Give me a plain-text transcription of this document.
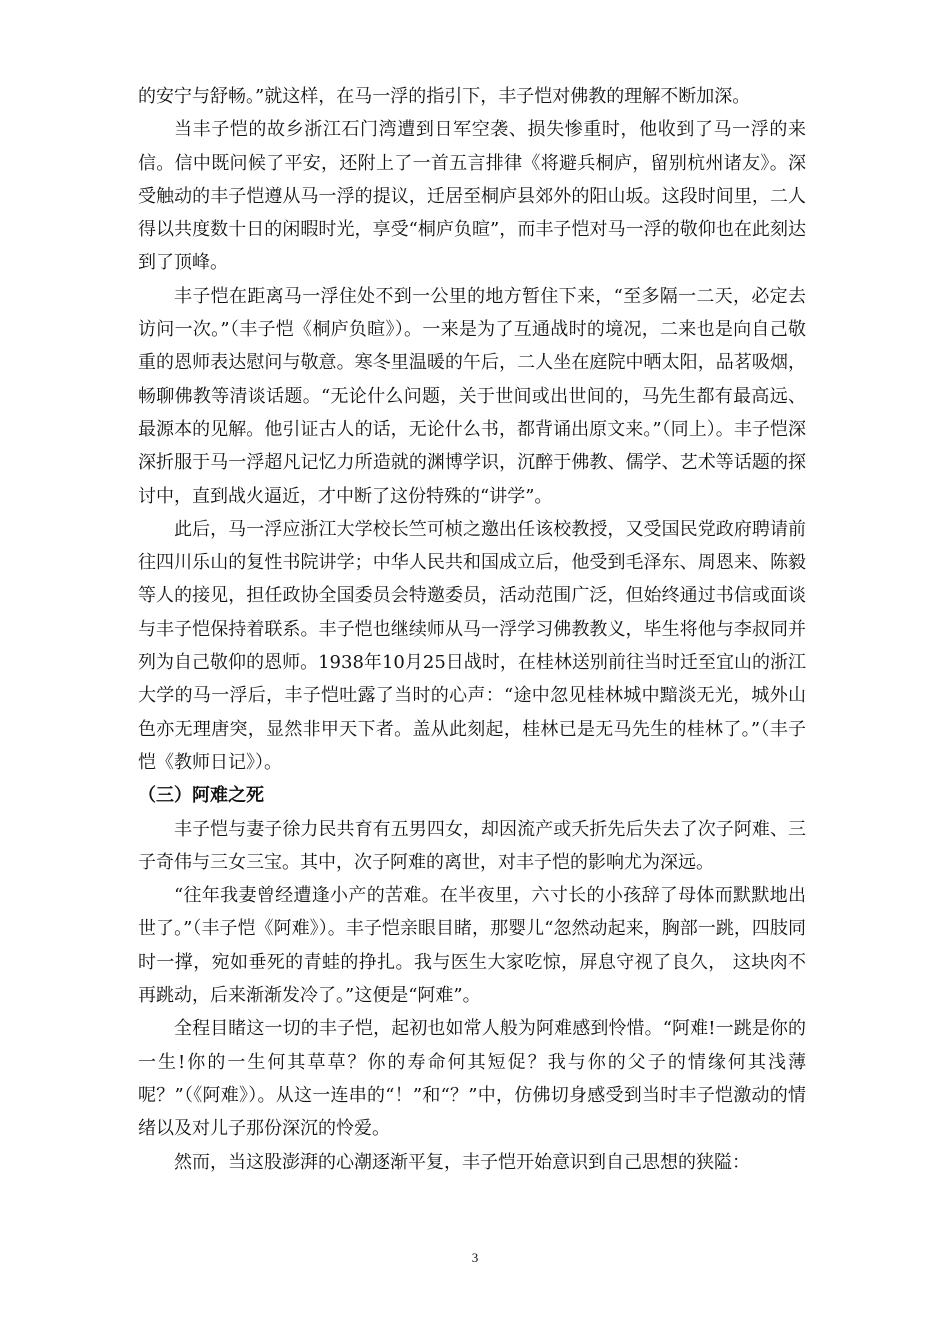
的安宁与舒畅。”就这样，在马一浮的指引下，丰子恺对佛教的理解不断加深。

当丰子恺的故乡浙江石门湾遭到日军空袭、损失惨重时，他收到了马一浮的来信。信中既问候了平安，还附上了一首五言排律《将避兵桐庐，留别杭州诸友》。深受触动的丰子恺遵从马一浮的提议，迁居至桐庐县郊外的阳山坂。这段时间里，二人得以共度数十日的闲暇时光，享受“桐庐负暄”，而丰子恺对马一浮的敬仰也在此刻达到了顶峰。

丰子恺在距离马一浮住处不到一公里的地方暂住下来，“至多隔一二天，必定去访问一次。”（丰子恺《桐庐负暄》）。一来是为了互通战时的境况，二来也是向自己敬重的恩师表达慰问与敬意。寒冬里温暖的午后，二人坐在庭院中晒太阳，品茗吸烟，畅聊佛教等清谈话题。“无论什么问题，关于世间或出世间的，马先生都有最高远、最源本的见解。他引证古人的话，无论什么书，都背诵出原文来。”（同上）。丰子恺深深折服于马一浮超凡记忆力所造就的渊博学识，沉醉于佛教、儒学、艺术等话题的探讨中，直到战火逼近，才中断了这份特殊的“讲学”。

此后，马一浮应浙江大学校长竺可桢之邀出任该校教授，又受国民党政府聘请前往四川乐山的复性书院讲学；中华人民共和国成立后，他受到毛泽东、周恩来、陈毅等人的接见，担任政协全国委员会特邀委员，活动范围广泛，但始终通过书信或面谈与丰子恺保持着联系。丰子恺也继续师从马一浮学习佛教教义，毕生将他与李叔同并列为自己敬仰的恩师。1938年10月25日战时，在桂林送别前往当时迁至宜山的浙江大学的马一浮后，丰子恺吐露了当时的心声：“途中忽见桂林城中黯淡无光，城外山色亦无理唐突，显然非甲天下者。盖从此刻起，桂林已是无马先生的桂林了。”（丰子恺《教师日记》）。

（三）阿难之死

丰子恺与妻子徐力民共育有五男四女，却因流产或夭折先后失去了次子阿难、三子奇伟与三女三宝。其中，次子阿难的离世，对丰子恺的影响尤为深远。

“往年我妻曾经遭逢小产的苦难。在半夜里，六寸长的小孩辞了母体而默默地出世了。”（丰子恺《阿难》）。丰子恺亲眼目睹，那婴儿“忽然动起来，胸部一跳，四肢同时一撑，宛如垂死的青蛙的挣扎。我与医生大家吃惊，屏息守视了良久， 这块肉不再跳动，后来渐渐发冷了。”这便是“阿难”。

全程目睹这一切的丰子恺，起初也如常人般为阿难感到怜惜。“阿难!一跳是你的一生!你的一生何其草草？你的寿命何其短促？我与你的父子的情缘何其浅薄呢？”（《阿难》）。从这一连串的“！”和“？”中，仿佛切身感受到当时丰子恺激动的情绪以及对儿子那份深沉的怜爱。

然而，当这股澎湃的心潮逐渐平复，丰子恺开始意识到自己思想的狭隘：

3
